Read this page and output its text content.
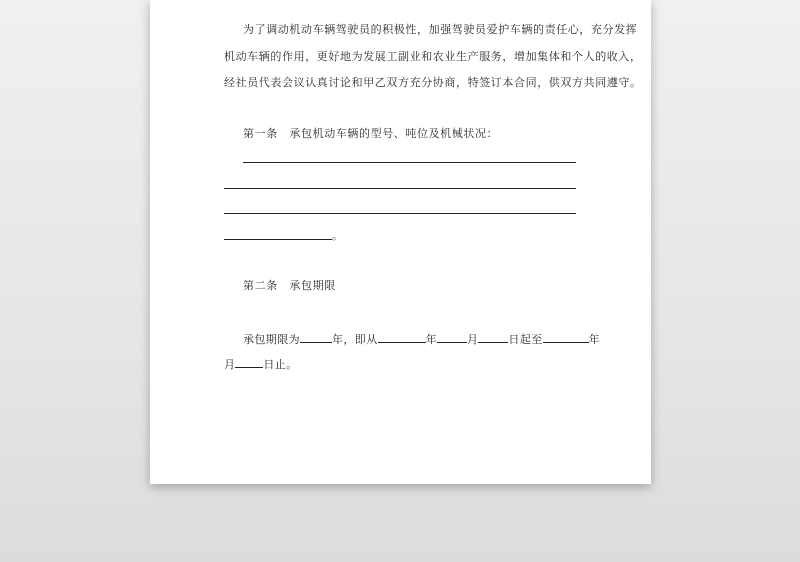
为了调动机动车辆驾驶员的积极性，加强驾驶员爱护车辆的责任心，充分发挥
机动车辆的作用，更好地为发展工副业和农业生产服务，增加集体和个人的收入，
经社员代表会议认真讨论和甲乙双方充分协商，特签订本合同，供双方共同遵守。
第一条　承包机动车辆的型号、吨位及机械状况：
。
第二条　承包期限
承包期限为	年，即从	年	月	日起至	年
月	日止。
